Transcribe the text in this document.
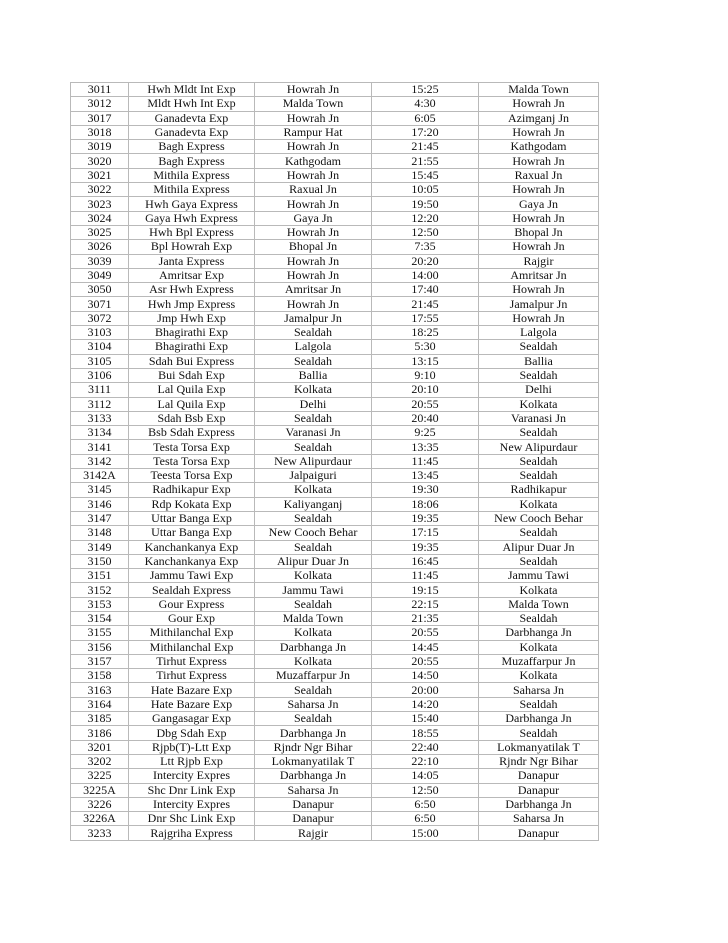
3011	Hwh Mldt Int Exp	Howrah Jn	15:25	Malda Town
3012	Mldt Hwh Int Exp	Malda Town	4:30	Howrah Jn
3017	Ganadevta Exp	Howrah Jn	6:05	Azimganj Jn
3018	Ganadevta Exp	Rampur Hat	17:20	Howrah Jn
3019	Bagh Express	Howrah Jn	21:45	Kathgodam
3020	Bagh Express	Kathgodam	21:55	Howrah Jn
3021	Mithila Express	Howrah Jn	15:45	Raxual Jn
3022	Mithila Express	Raxual Jn	10:05	Howrah Jn
3023	Hwh Gaya Express	Howrah Jn	19:50	Gaya Jn
3024	Gaya Hwh Express	Gaya Jn	12:20	Howrah Jn
3025	Hwh Bpl Express	Howrah Jn	12:50	Bhopal Jn
3026	Bpl Howrah Exp	Bhopal Jn	7:35	Howrah Jn
3039	Janta Express	Howrah Jn	20:20	Rajgir
3049	Amritsar Exp	Howrah Jn	14:00	Amritsar Jn
3050	Asr Hwh Express	Amritsar Jn	17:40	Howrah Jn
3071	Hwh Jmp Express	Howrah Jn	21:45	Jamalpur Jn
3072	Jmp Hwh Exp	Jamalpur Jn	17:55	Howrah Jn
3103	Bhagirathi Exp	Sealdah	18:25	Lalgola
3104	Bhagirathi Exp	Lalgola	5:30	Sealdah
3105	Sdah Bui Express	Sealdah	13:15	Ballia
3106	Bui Sdah Exp	Ballia	9:10	Sealdah
3111	Lal Quila Exp	Kolkata	20:10	Delhi
3112	Lal Quila Exp	Delhi	20:55	Kolkata
3133	Sdah Bsb Exp	Sealdah	20:40	Varanasi Jn
3134	Bsb Sdah Express	Varanasi Jn	9:25	Sealdah
3141	Testa Torsa Exp	Sealdah	13:35	New Alipurdaur
3142	Testa Torsa Exp	New Alipurdaur	11:45	Sealdah
3142A	Teesta Torsa Exp	Jalpaiguri	13:45	Sealdah
3145	Radhikapur Exp	Kolkata	19:30	Radhikapur
3146	Rdp Kokata Exp	Kaliyanganj	18:06	Kolkata
3147	Uttar Banga Exp	Sealdah	19:35	New Cooch Behar
3148	Uttar Banga Exp	New Cooch Behar	17:15	Sealdah
3149	Kanchankanya Exp	Sealdah	19:35	Alipur Duar Jn
3150	Kanchankanya Exp	Alipur Duar Jn	16:45	Sealdah
3151	Jammu Tawi Exp	Kolkata	11:45	Jammu Tawi
3152	Sealdah Express	Jammu Tawi	19:15	Kolkata
3153	Gour Express	Sealdah	22:15	Malda Town
3154	Gour Exp	Malda Town	21:35	Sealdah
3155	Mithilanchal Exp	Kolkata	20:55	Darbhanga Jn
3156	Mithilanchal Exp	Darbhanga Jn	14:45	Kolkata
3157	Tirhut Express	Kolkata	20:55	Muzaffarpur Jn
3158	Tirhut Express	Muzaffarpur Jn	14:50	Kolkata
3163	Hate Bazare Exp	Sealdah	20:00	Saharsa Jn
3164	Hate Bazare Exp	Saharsa Jn	14:20	Sealdah
3185	Gangasagar Exp	Sealdah	15:40	Darbhanga Jn
3186	Dbg Sdah Exp	Darbhanga Jn	18:55	Sealdah
3201	Rjpb(T)-Ltt Exp	Rjndr Ngr Bihar	22:40	Lokmanyatilak T
3202	Ltt Rjpb Exp	Lokmanyatilak T	22:10	Rjndr Ngr Bihar
3225	Intercity Expres	Darbhanga Jn	14:05	Danapur
3225A	Shc Dnr Link Exp	Saharsa Jn	12:50	Danapur
3226	Intercity Expres	Danapur	6:50	Darbhanga Jn
3226A	Dnr Shc Link Exp	Danapur	6:50	Saharsa Jn
3233	Rajgriha Express	Rajgir	15:00	Danapur
